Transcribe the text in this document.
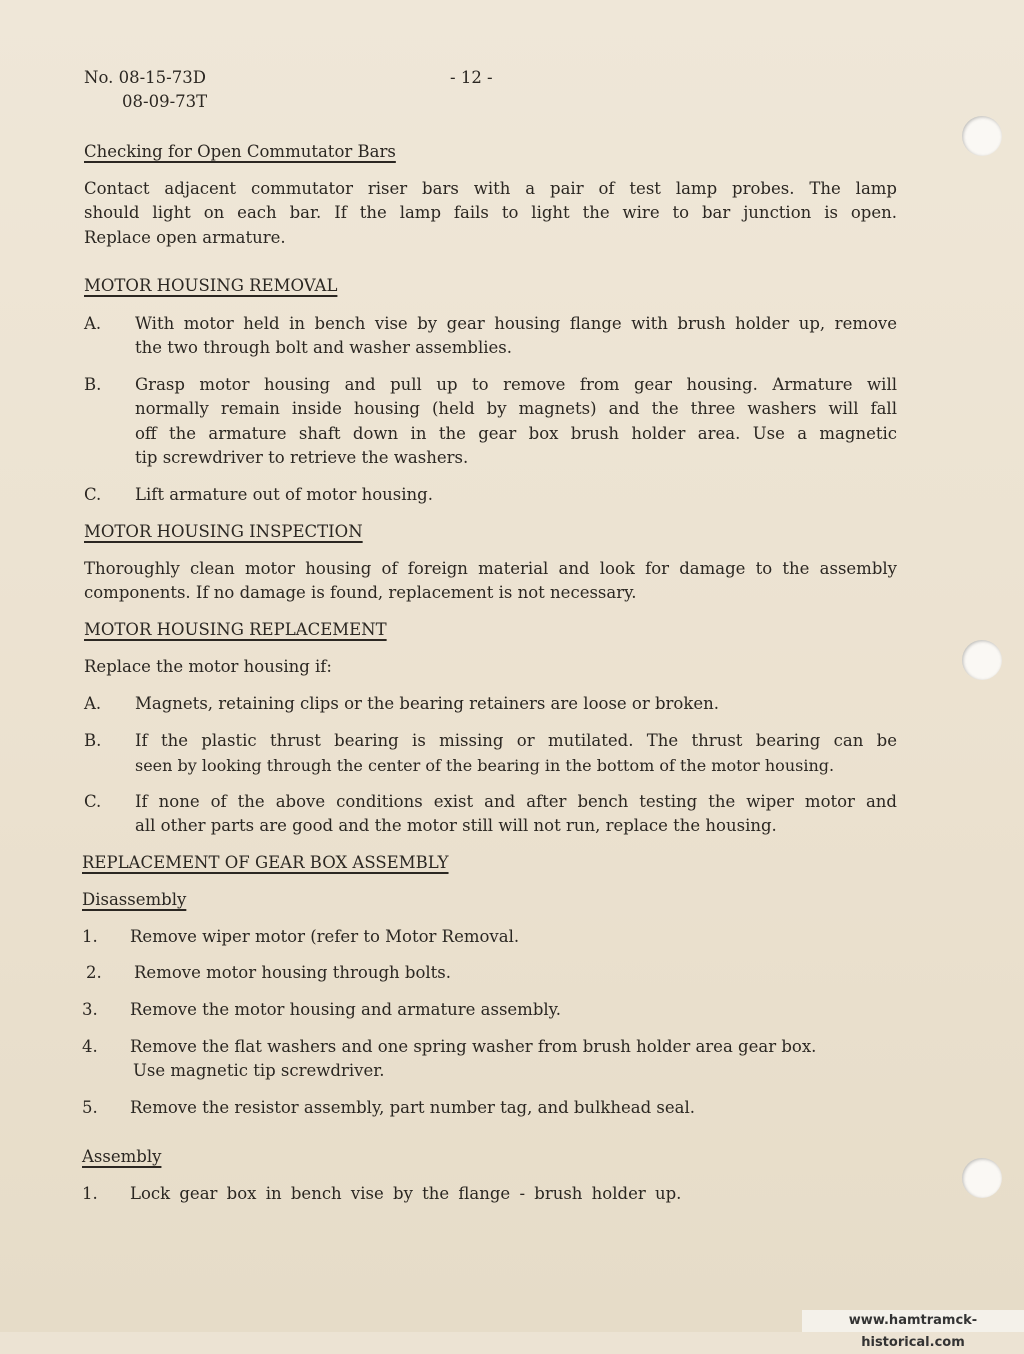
No. 08-15-73D
08-09-73T
- 12 -
Checking for Open Commutator Bars
Contact adjacent commutator riser bars with a pair of test lamp probes. The lamp
should light on each bar. If the lamp fails to light the wire to bar junction is open.
Replace open armature.
MOTOR HOUSING REMOVAL
A. With motor held in bench vise by gear housing flange with brush holder up, remove
the two through bolt and washer assemblies.
B. Grasp motor housing and pull up to remove from gear housing. Armature will
normally remain inside housing (held by magnets) and the three washers will fall
off the armature shaft down in the gear box brush holder area. Use a magnetic
tip screwdriver to retrieve the washers.
C. Lift armature out of motor housing.
MOTOR HOUSING INSPECTION
Thoroughly clean motor housing of foreign material and look for damage to the assembly
components. If no damage is found, replacement is not necessary.
MOTOR HOUSING REPLACEMENT
Replace the motor housing if:
A. Magnets, retaining clips or the bearing retainers are loose or broken.
B. If the plastic thrust bearing is missing or mutilated. The thrust bearing can be
seen by looking through the center of the bearing in the bottom of the motor housing.
C. If none of the above conditions exist and after bench testing the wiper motor and
all other parts are good and the motor still will not run, replace the housing.
REPLACEMENT OF GEAR BOX ASSEMBLY
Disassembly
1. Remove wiper motor (refer to Motor Removal.
2. Remove motor housing through bolts.
3. Remove the motor housing and armature assembly.
4. Remove the flat washers and one spring washer from brush holder area gear box.
Use magnetic tip screwdriver.
5. Remove the resistor assembly, part number tag, and bulkhead seal.
Assembly
1. Lock gear box in bench vise by the flange - brush holder up.
www.hamtramck-historical.com
